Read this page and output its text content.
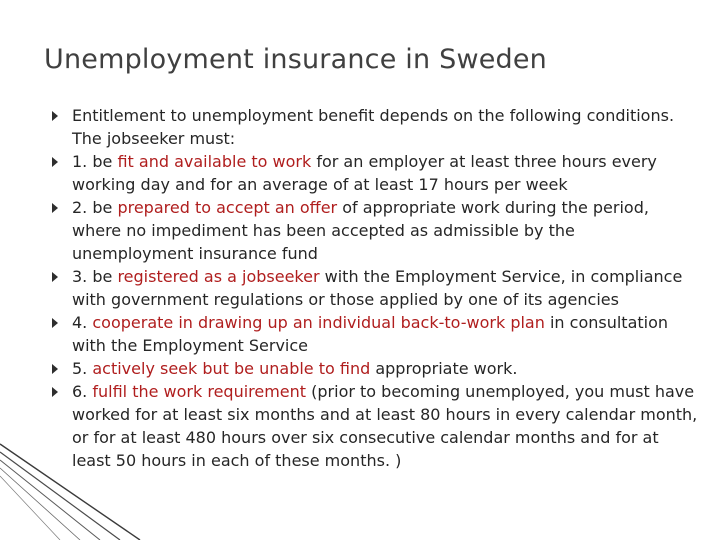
Unemployment insurance in Sweden
Entitlement to unemployment benefit depends on the following conditions. The jobseeker must:
1. be fit and available to work for an employer at least three hours every working day and for an average of at least 17 hours per week
2. be prepared to accept an offer of appropriate work during the period, where no impediment has been accepted as admissible by the unemployment insurance fund
3. be registered as a jobseeker with the Employment Service, in compliance with government regulations or those applied by one of its agencies
4. cooperate in drawing up an individual back-to-work plan in consultation with the Employment Service
5. actively seek but be unable to find appropriate work.
6. fulfil the work requirement (prior to becoming unemployed, you must have worked for at least six months and at least 80 hours in every calendar month, or for at least 480 hours over six consecutive calendar months and for at least 50 hours in each of these months. )
